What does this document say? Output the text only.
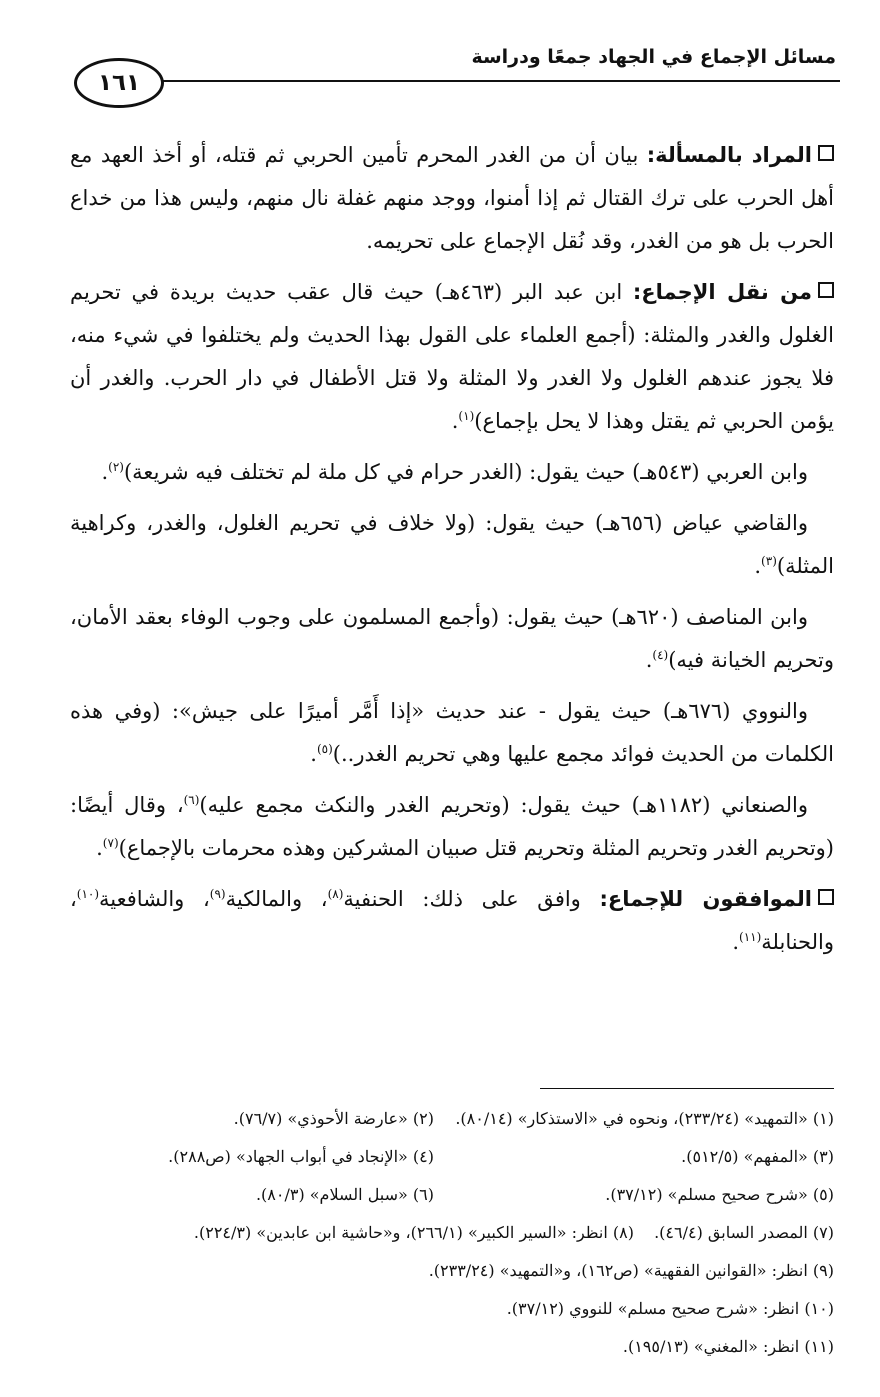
مسائل الإجماع في الجهاد جمعًا ودراسة
١٦١

المراد بالمسألة: بيان أن من الغدر المحرم تأمين الحربي ثم قتله، أو أخذ العهد مع أهل الحرب على ترك القتال ثم إذا أمنوا، ووجد منهم غفلة نال منهم، وليس هذا من خداع الحرب بل هو من الغدر، وقد نُقل الإجماع على تحريمه.

من نقل الإجماع: ابن عبد البر (٤٦٣هـ) حيث قال عقب حديث بريدة في تحريم الغلول والغدر والمثلة: (أجمع العلماء على القول بهذا الحديث ولم يختلفوا في شيء منه، فلا يجوز عندهم الغلول ولا الغدر ولا المثلة ولا قتل الأطفال في دار الحرب. والغدر أن يؤمن الحربي ثم يقتل وهذا لا يحل بإجماع)$^{(١)}$.

وابن العربي (٥٤٣هـ) حيث يقول: (الغدر حرام في كل ملة لم تختلف فيه شريعة)$^{(٢)}$.

والقاضي عياض (٦٥٦هـ) حيث يقول: (ولا خلاف في تحريم الغلول، والغدر، وكراهية المثلة)$^{(٣)}$.

وابن المناصف (٦٢٠هـ) حيث يقول: (وأجمع المسلمون على وجوب الوفاء بعقد الأمان، وتحريم الخيانة فيه)$^{(٤)}$.

والنووي (٦٧٦هـ) حيث يقول - عند حديث «إذا أَمَّر أميرًا على جيش»: (وفي هذه الكلمات من الحديث فوائد مجمع عليها وهي تحريم الغدر..)$^{(٥)}$.

والصنعاني (١١٨٢هـ) حيث يقول: (وتحريم الغدر والنكث مجمع عليه)$^{(٦)}$، وقال أيضًا: (وتحريم الغدر وتحريم المثلة وتحريم قتل صبيان المشركين وهذه محرمات بالإجماع)$^{(٧)}$.

الموافقون للإجماع: وافق على ذلك: الحنفية$^{(٨)}$، والمالكية$^{(٩)}$، والشافعية$^{(١٠)}$، والحنابلة$^{(١١)}$.

(١) «التمهيد» (٢٣٣/٢٤)، ونحوه في «الاستذكار» (٨٠/١٤).
(٢) «عارضة الأحوذي» (٧٦/٧).
(٣) «المفهم» (٥١٢/٥).
(٤) «الإنجاد في أبواب الجهاد» (ص٢٨٨).
(٥) «شرح صحيح مسلم» (٣٧/١٢).
(٦) «سبل السلام» (٨٠/٣).
(٧) المصدر السابق (٤٦/٤).
(٨) انظر: «السير الكبير» (٢٦٦/١)، و«حاشية ابن عابدين» (٢٢٤/٣).
(٩) انظر: «القوانين الفقهية» (ص١٦٢)، و«التمهيد» (٢٣٣/٢٤).
(١٠) انظر: «شرح صحيح مسلم» للنووي (٣٧/١٢).
(١١) انظر: «المغني» (١٩٥/١٣).
